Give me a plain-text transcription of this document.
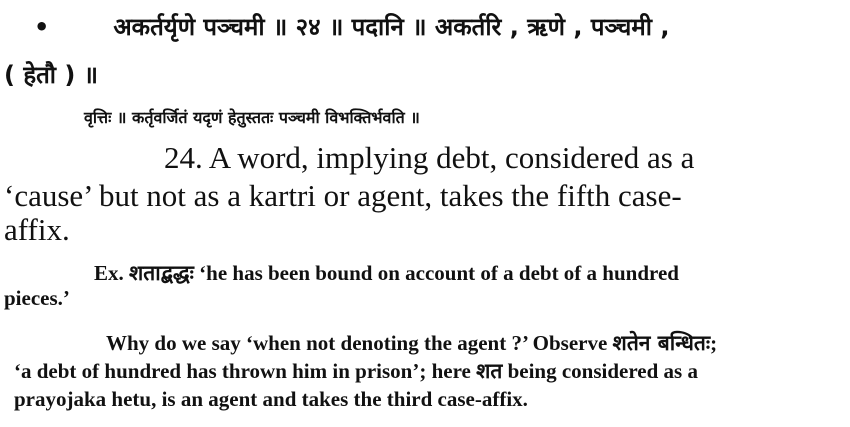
•	अकर्तर्यृणे पञ्चमी ॥ २४ ॥ पदानि ॥ अकर्तरि , ऋणे , पञ्चमी ,
( हेतौ ) ॥
वृत्तिः ॥ कर्तृवर्जितं यदृणं हेतुस्ततः पञ्चमी विभक्तिर्भवति ॥
24. A word, implying debt, considered as a
‘cause’ but not as a kartri or agent, takes the fifth case-
affix.
Ex. शताद्बद्धः ‘he has been bound on account of a debt of a hundred
pieces.’
Why do we say ‘when not denoting the agent ?’ Observe शतेन बन्धितः;
‘a debt of hundred has thrown him in prison’; here शत being considered as a
prayojaka hetu, is an agent and takes the third case-affix.
